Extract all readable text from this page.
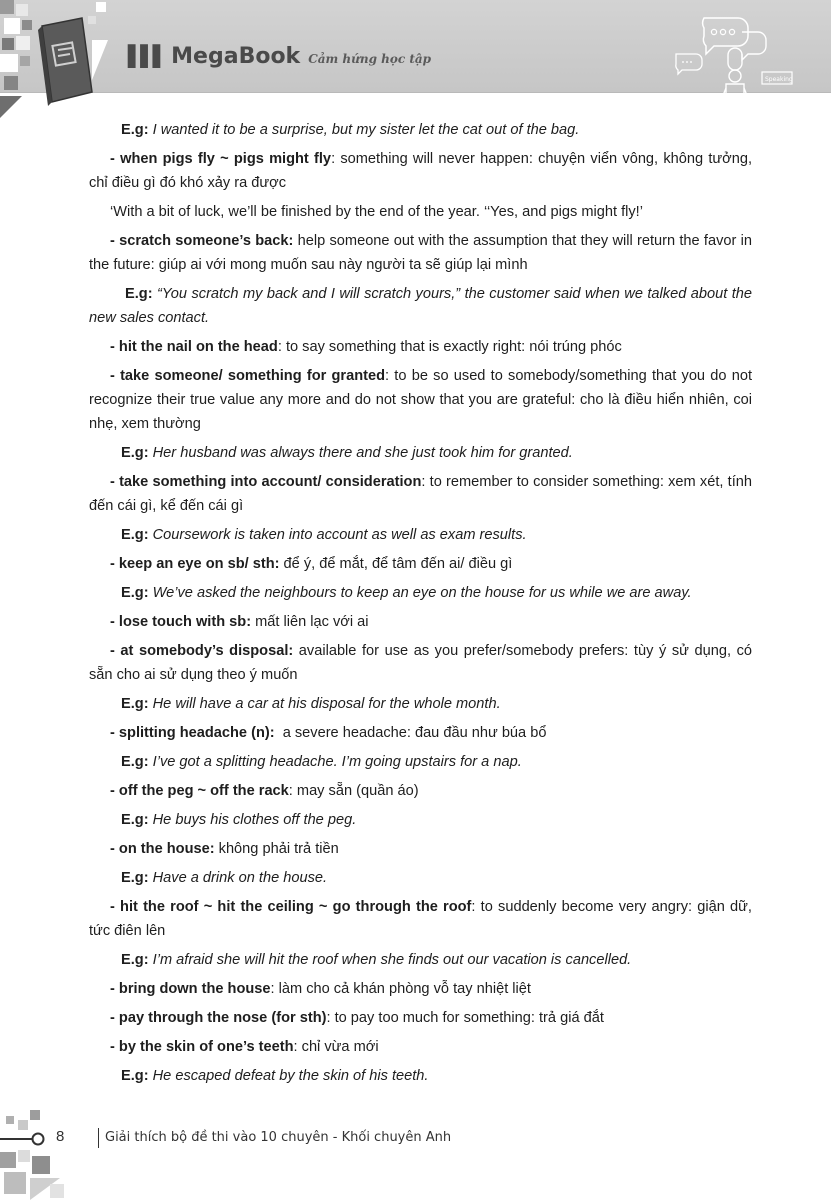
▌▌▌ MegaBook Cảm hứng học tập
Speaking

E.g: I wanted it to be a surprise, but my sister let the cat out of the bag.

- when pigs fly ~ pigs might fly: something will never happen: chuyện viển vông, không tưởng, chỉ điều gì đó khó xảy ra được

‘With a bit of luck, we’ll be finished by the end of the year. ‘‘Yes, and pigs might fly!’

- scratch someone’s back: help someone out with the assumption that they will return the favor in the future: giúp ai với mong muốn sau này người ta sẽ giúp lại mình

E.g: “You scratch my back and I will scratch yours,” the customer said when we talked about the new sales contact.

- hit the nail on the head: to say something that is exactly right: nói trúng phóc

- take someone/ something for granted: to be so used to somebody/something that you do not recognize their true value any more and do not show that you are grateful: cho là điều hiển nhiên, coi nhẹ, xem thường

E.g: Her husband was always there and she just took him for granted.

- take something into account/ consideration: to remember to consider something: xem xét, tính đến cái gì, kể đến cái gì

E.g: Coursework is taken into account as well as exam results.

- keep an eye on sb/ sth: để ý, để mắt, để tâm đến ai/ điều gì

E.g: We’ve asked the neighbours to keep an eye on the house for us while we are away.

- lose touch with sb: mất liên lạc với ai

- at somebody’s disposal: available for use as you prefer/somebody prefers: tùy ý sử dụng, có sẵn cho ai sử dụng theo ý muốn

E.g: He will have a car at his disposal for the whole month.

- splitting headache (n):  a severe headache: đau đầu như búa bổ

E.g: I’ve got a splitting headache. I’m going upstairs for a nap.

- off the peg ~ off the rack: may sẵn (quần áo)

E.g: He buys his clothes off the peg.

- on the house: không phải trả tiền

E.g: Have a drink on the house.

- hit the roof ~ hit the ceiling ~ go through the roof: to suddenly become very angry: giận dữ, tức điên lên

E.g: I’m afraid she will hit the roof when she finds out our vacation is cancelled.

- bring down the house: làm cho cả khán phòng vỗ tay nhiệt liệt

- pay through the nose (for sth): to pay too much for something: trả giá đắt

- by the skin of one’s teeth: chỉ vừa mới

E.g: He escaped defeat by the skin of his teeth.

8	Giải thích bộ đề thi vào 10 chuyên - Khối chuyên Anh
